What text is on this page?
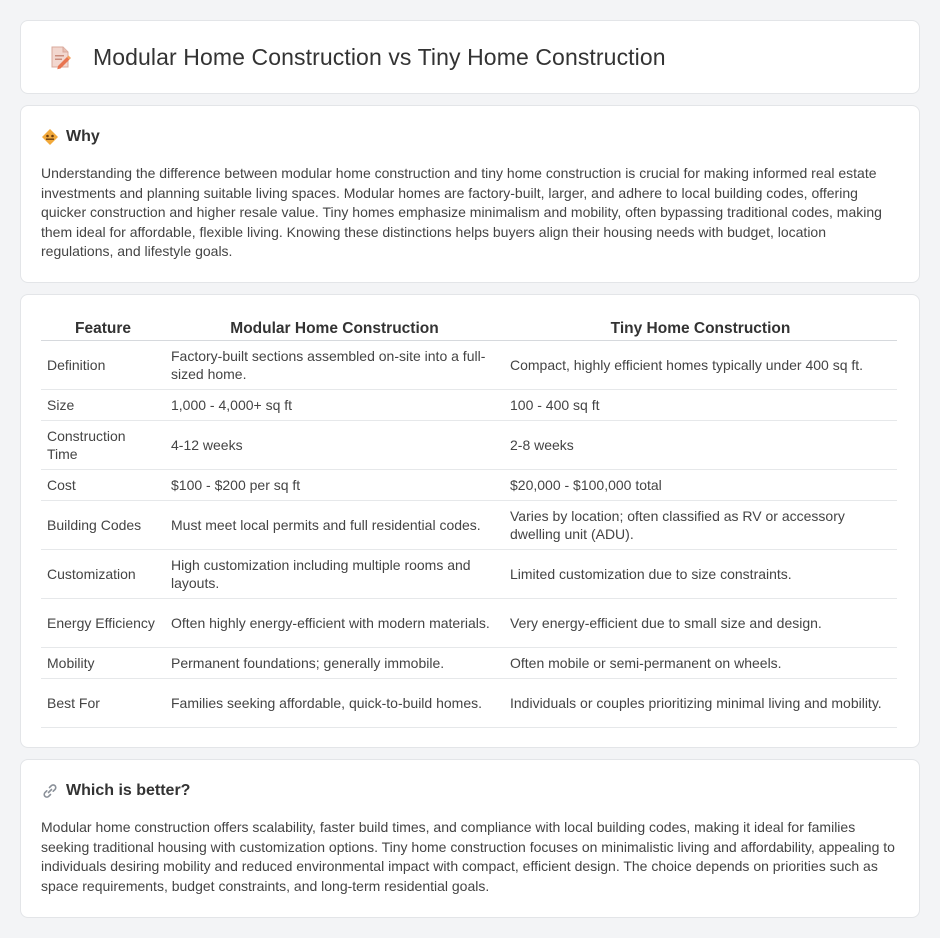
Modular Home Construction vs Tiny Home Construction
Why

Understanding the difference between modular home construction and tiny home construction is crucial for making informed real estate investments and planning suitable living spaces. Modular homes are factory-built, larger, and adhere to local building codes, offering quicker construction and higher resale value. Tiny homes emphasize minimalism and mobility, often bypassing traditional codes, making them ideal for affordable, flexible living. Knowing these distinctions helps buyers align their housing needs with budget, location regulations, and lifestyle goals.

Feature	Modular Home Construction	Tiny Home Construction
Definition	Factory-built sections assembled on-site into a full-sized home.	Compact, highly efficient homes typically under 400 sq ft.
Size	1,000 - 4,000+ sq ft	100 - 400 sq ft
Construction Time	4-12 weeks	2-8 weeks
Cost	$100 - $200 per sq ft	$20,000 - $100,000 total
Building Codes	Must meet local permits and full residential codes.	Varies by location; often classified as RV or accessory dwelling unit (ADU).
Customization	High customization including multiple rooms and layouts.	Limited customization due to size constraints.
Energy Efficiency	Often highly energy-efficient with modern materials.	Very energy-efficient due to small size and design.
Mobility	Permanent foundations; generally immobile.	Often mobile or semi-permanent on wheels.
Best For	Families seeking affordable, quick-to-build homes.	Individuals or couples prioritizing minimal living and mobility.
Which is better?

Modular home construction offers scalability, faster build times, and compliance with local building codes, making it ideal for families seeking traditional housing with customization options. Tiny home construction focuses on minimalistic living and affordability, appealing to individuals desiring mobility and reduced environmental impact with compact, efficient design. The choice depends on priorities such as space requirements, budget constraints, and long-term residential goals.
